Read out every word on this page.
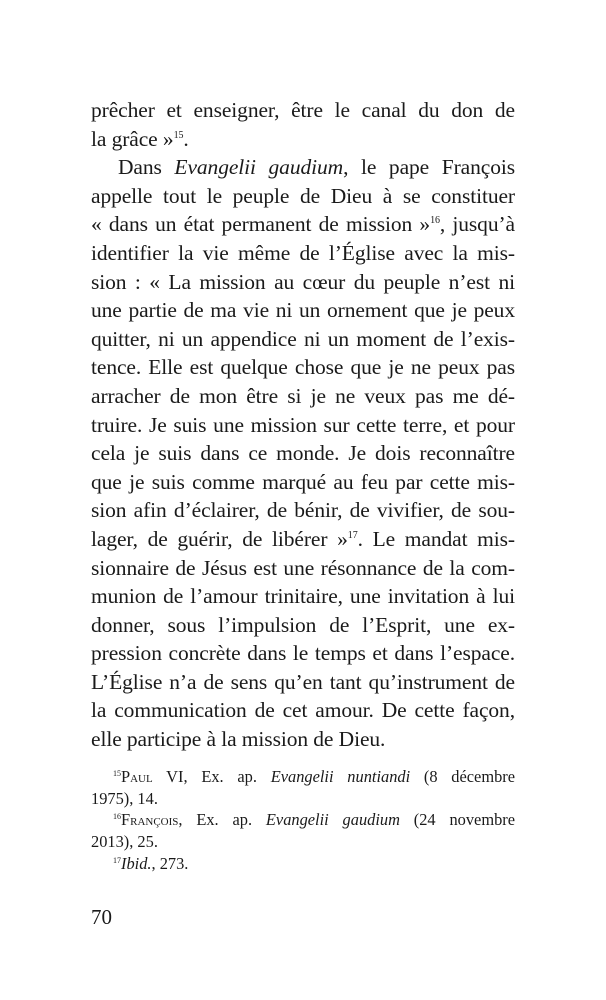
prêcher et enseigner, être le canal du don de
la grâce »$^{15}$.
Dans Evangelii gaudium, le pape François
appelle tout le peuple de Dieu à se constituer
« dans un état permanent de mission »$^{16}$, jusqu’à
identifier la vie même de l’Église avec la mis-
sion : « La mission au cœur du peuple n’est ni
une partie de ma vie ni un ornement que je peux
quitter, ni un appendice ni un moment de l’exis-
tence. Elle est quelque chose que je ne peux pas
arracher de mon être si je ne veux pas me dé-
truire. Je suis une mission sur cette terre, et pour
cela je suis dans ce monde. Je dois reconnaître
que je suis comme marqué au feu par cette mis-
sion afin d’éclairer, de bénir, de vivifier, de sou-
lager, de guérir, de libérer »$^{17}$. Le mandat mis-
sionnaire de Jésus est une résonnance de la com-
munion de l’amour trinitaire, une invitation à lui
donner, sous l’impulsion de l’Esprit, une ex-
pression concrète dans le temps et dans l’espace.
L’Église n’a de sens qu’en tant qu’instrument de
la communication de cet amour. De cette façon,
elle participe à la mission de Dieu.
$^{15}$Paul VI, Ex. ap. Evangelii nuntiandi (8 décembre
1975), 14.
$^{16}$François, Ex. ap. Evangelii gaudium (24 novembre
2013), 25.
$^{17}$Ibid., 273.
70
